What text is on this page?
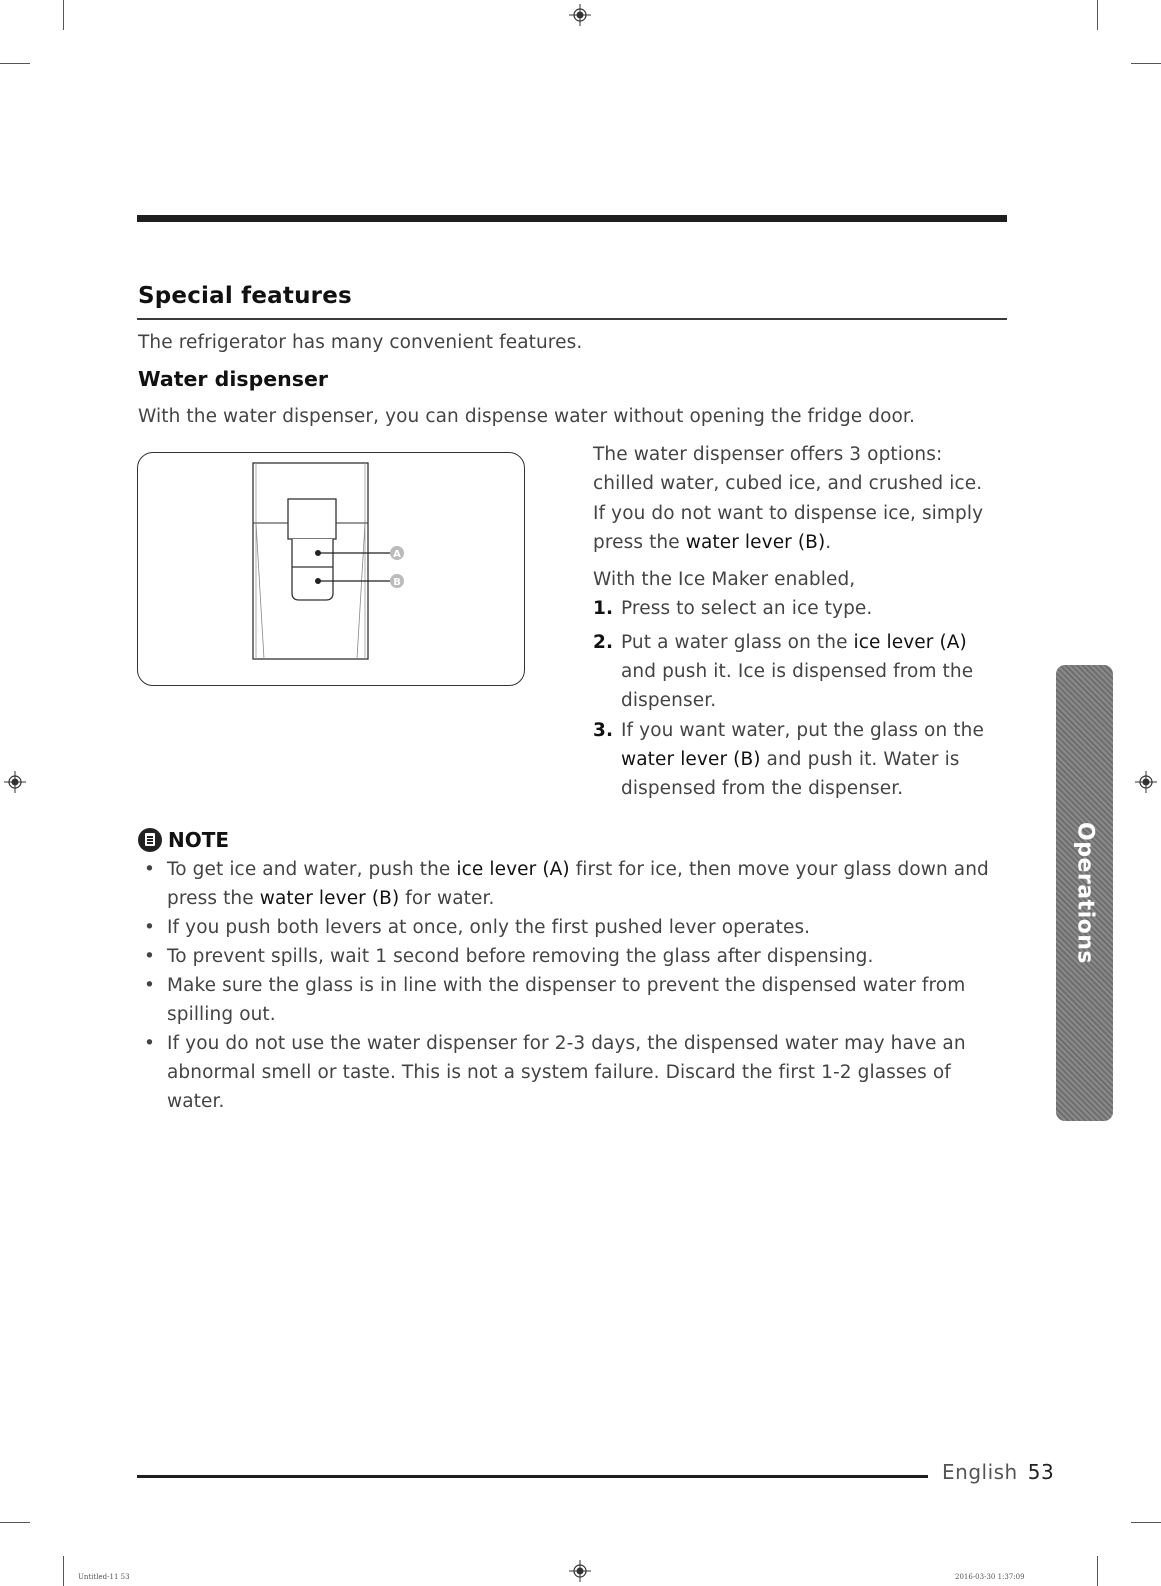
Special features
The refrigerator has many convenient features.
Water dispenser
With the water dispenser, you can dispense water without opening the fridge door.
A
B
The water dispenser offers 3 options:
chilled water, cubed ice, and crushed ice.
If you do not want to dispense ice, simply
press the water lever (B).
With the Ice Maker enabled,
1. Press to select an ice type.
2. Put a water glass on the ice lever (A)
and push it. Ice is dispensed from the
dispenser.
3. If you want water, put the glass on the
water lever (B) and push it. Water is
dispensed from the dispenser.
NOTE
• To get ice and water, push the ice lever (A) first for ice, then move your glass down and
press the water lever (B) for water.
• If you push both levers at once, only the first pushed lever operates.
• To prevent spills, wait 1 second before removing the glass after dispensing.
• Make sure the glass is in line with the dispenser to prevent the dispensed water from
spilling out.
• If you do not use the water dispenser for 2-3 days, the dispensed water may have an
abnormal smell or taste. This is not a system failure. Discard the first 1-2 glasses of
water.
Operations
English 53
Untitled-11 53	2016-03-30 1:37:09
